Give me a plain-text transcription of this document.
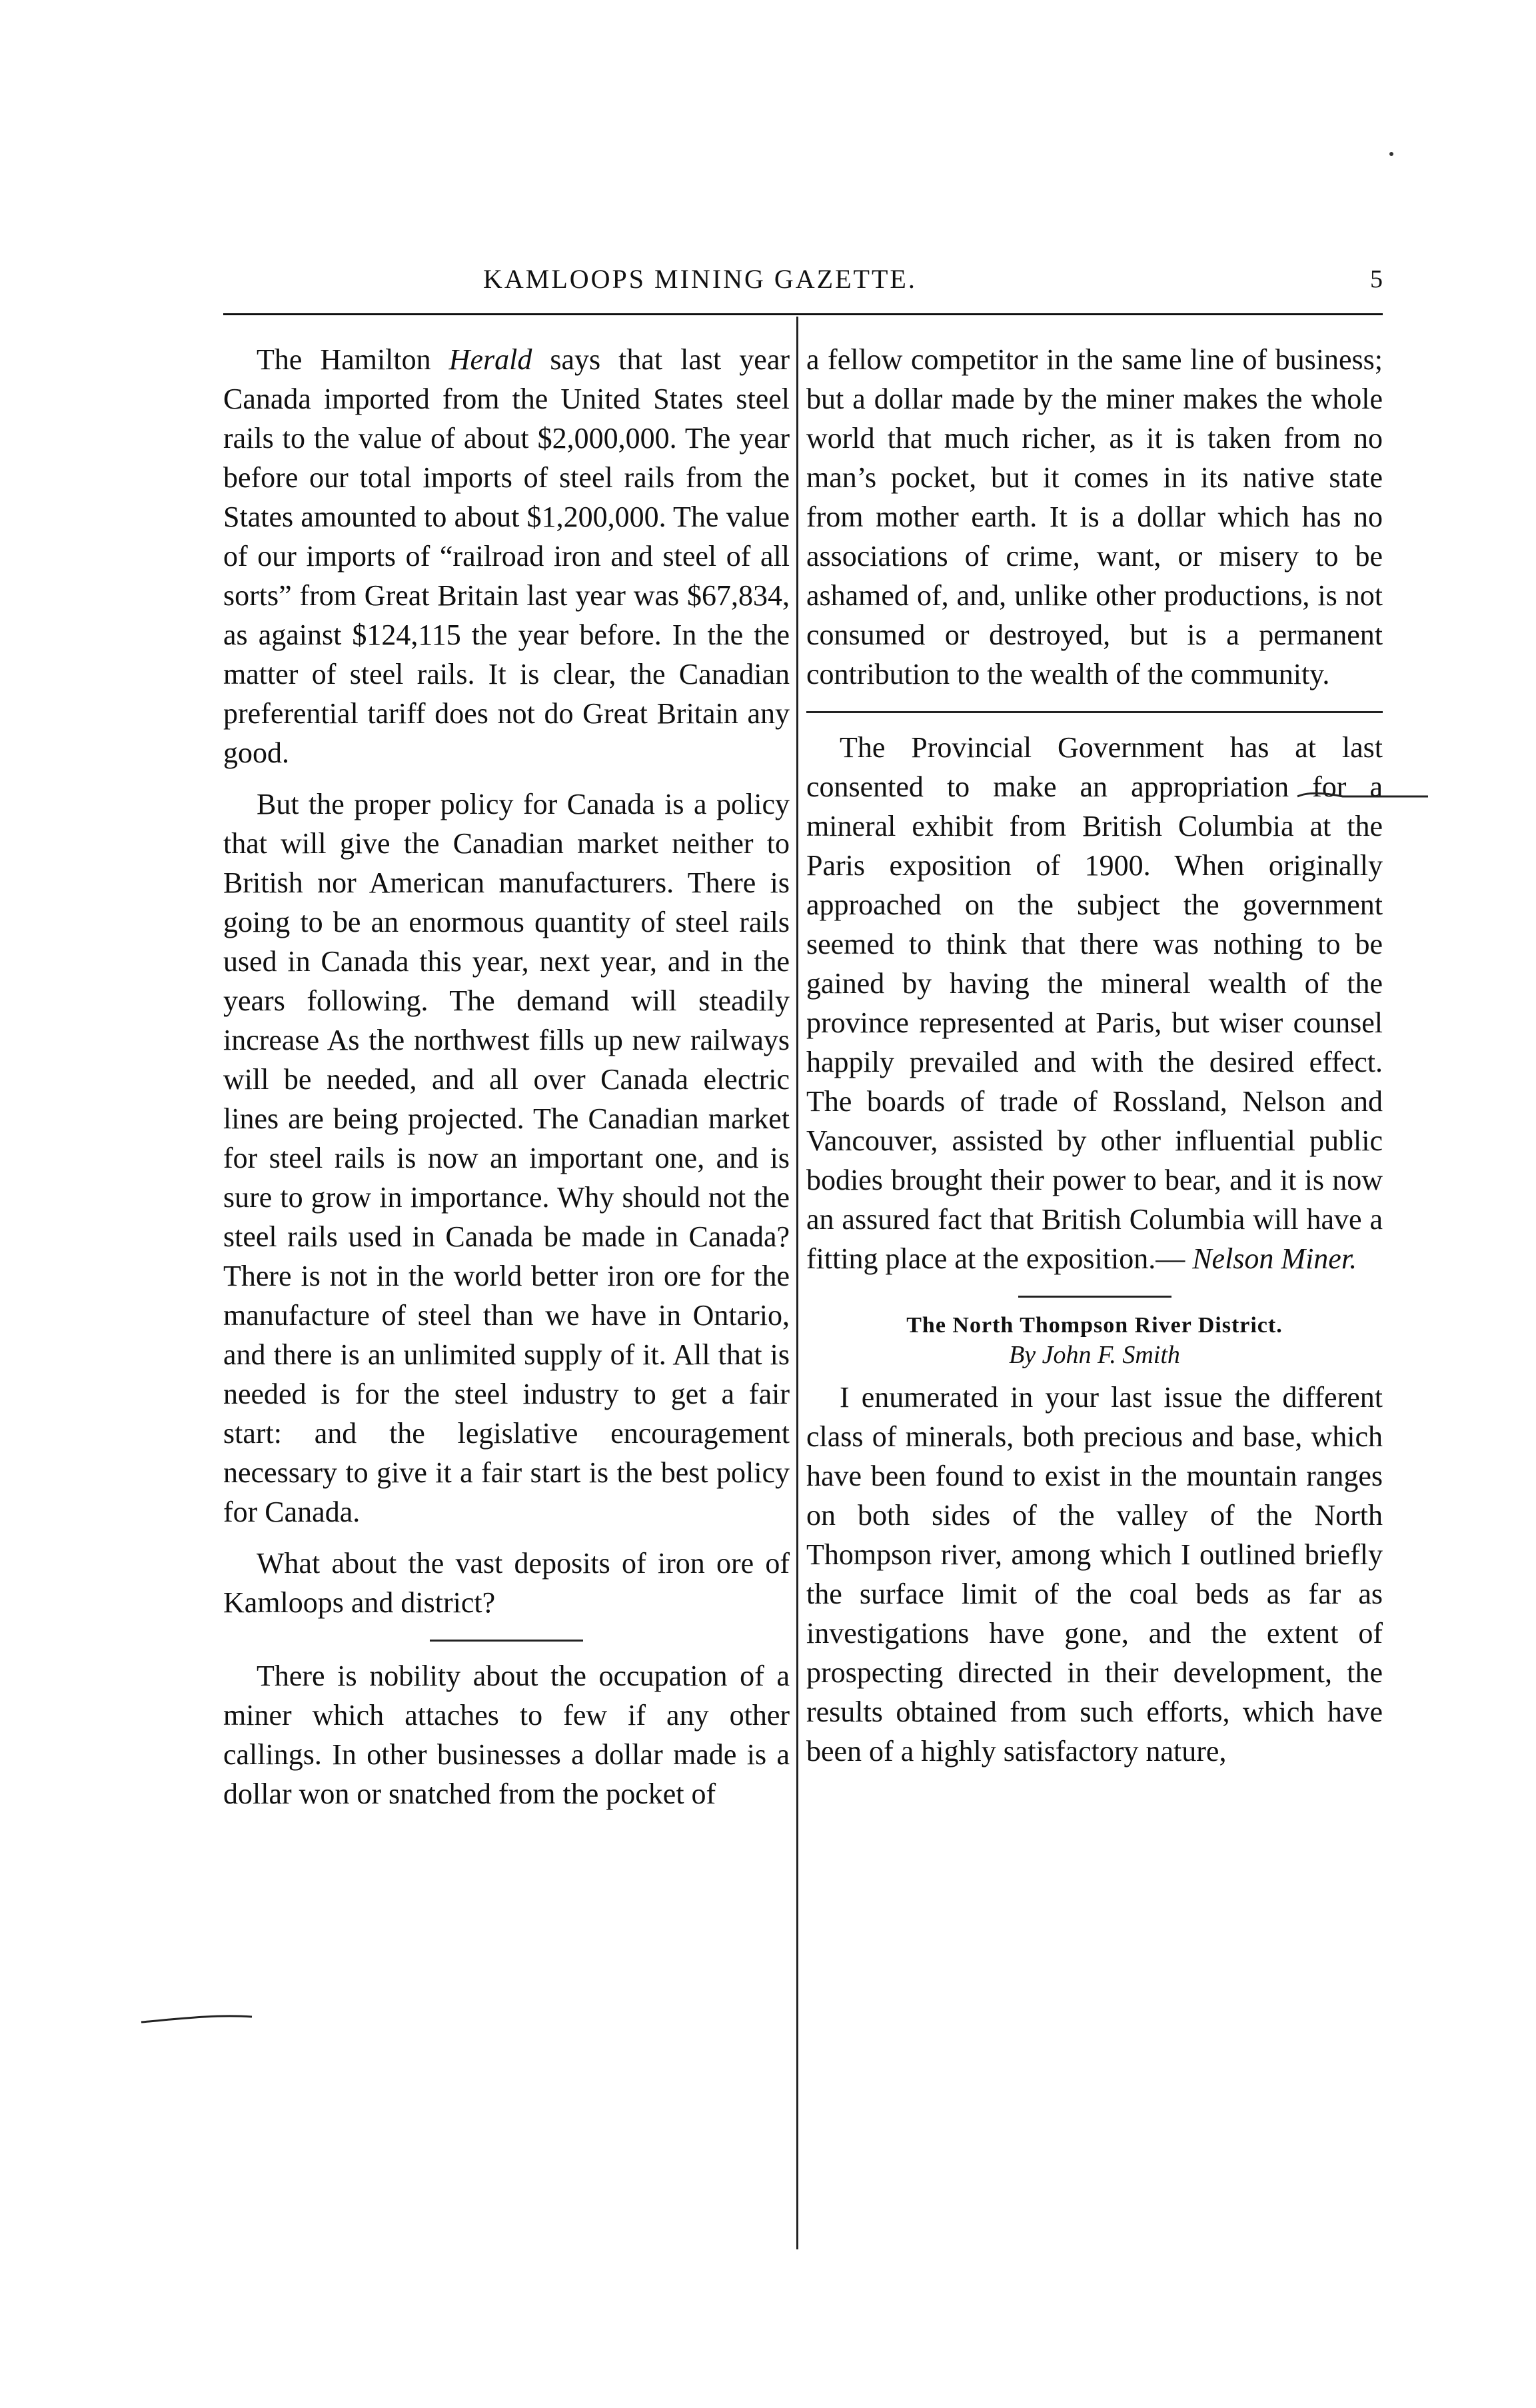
KAMLOOPS MINING GAZETTE.	5

The Hamilton Herald says that last year Canada imported from the United States steel rails to the value of about $2,000,000. The year before our total imports of steel rails from the States amounted to about $1,200,000. The value of our imports of “railroad iron and steel of all sorts” from Great Britain last year was $67,834, as against $124,115 the year before. In the the matter of steel rails. It is clear, the Canadian preferential tariff does not do Great Britain any good.

But the proper policy for Canada is a policy that will give the Canadian market neither to British nor American manufacturers. There is going to be an enormous quantity of steel rails used in Canada this year, next year, and in the years following. The demand will steadily increase As the northwest fills up new railways will be needed, and all over Canada electric lines are being projected. The Canadian market for steel rails is now an important one, and is sure to grow in importance. Why should not the steel rails used in Canada be made in Canada? There is not in the world better iron ore for the manufacture of steel than we have in Ontario, and there is an unlimited supply of it. All that is needed is for the steel industry to get a fair start: and the legislative encouragement necessary to give it a fair start is the best policy for Canada.

What about the vast deposits of iron ore of Kamloops and district?

There is nobility about the occupation of a miner which attaches to few if any other callings. In other businesses a dollar made is a dollar won or snatched from the pocket of

a fellow competitor in the same line of business; but a dollar made by the miner makes the whole world that much richer, as it is taken from no man’s pocket, but it comes in its native state from mother earth. It is a dollar which has no associations of crime, want, or misery to be ashamed of, and, unlike other productions, is not consumed or destroyed, but is a permanent contribution to the wealth of the community.

The Provincial Government has at last consented to make an appropriation for a mineral exhibit from British Columbia at the Paris exposition of 1900. When originally approached on the subject the government seemed to think that there was nothing to be gained by having the mineral wealth of the province represented at Paris, but wiser counsel happily prevailed and with the desired effect. The boards of trade of Rossland, Nelson and Vancouver, assisted by other influential public bodies brought their power to bear, and it is now an assured fact that British Columbia will have a fitting place at the exposition.— Nelson Miner.

The North Thompson River District.
By John F. Smith

I enumerated in your last issue the different class of minerals, both precious and base, which have been found to exist in the mountain ranges on both sides of the valley of the North Thompson river, among which I outlined briefly the surface limit of the coal beds as far as investigations have gone, and the extent of prospecting directed in their development, the results obtained from such efforts, which have been of a highly satisfactory nature,
